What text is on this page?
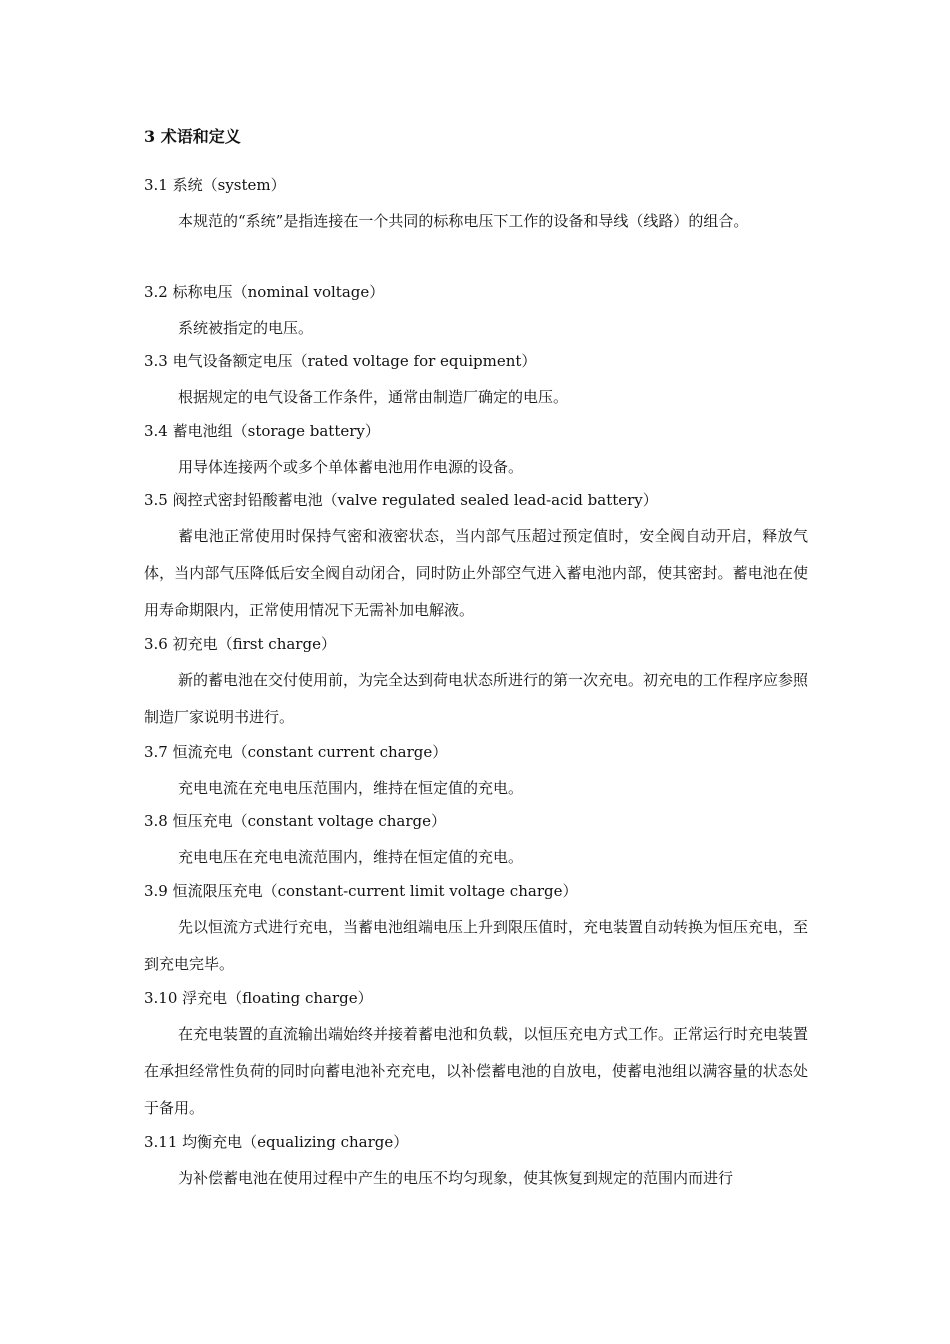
3 术语和定义
3.1 系统（system）
本规范的“系统”是指连接在一个共同的标称电压下工作的设备和导线（线路）的组合。
3.2 标称电压（nominal voltage）
系统被指定的电压。
3.3 电气设备额定电压（rated voltage for equipment）
根据规定的电气设备工作条件，通常由制造厂确定的电压。
3.4 蓄电池组（storage battery）
用导体连接两个或多个单体蓄电池用作电源的设备。
3.5 阀控式密封铅酸蓄电池（valve regulated sealed lead-acid battery）
蓄电池正常使用时保持气密和液密状态，当内部气压超过预定值时，安全阀自动开启，释放气体，当内部气压降低后安全阀自动闭合，同时防止外部空气进入蓄电池内部，使其密封。蓄电池在使用寿命期限内，正常使用情况下无需补加电解液。
3.6 初充电（first charge）
新的蓄电池在交付使用前，为完全达到荷电状态所进行的第一次充电。初充电的工作程序应参照制造厂家说明书进行。
3.7 恒流充电（constant current charge）
充电电流在充电电压范围内，维持在恒定值的充电。
3.8 恒压充电（constant voltage charge）
充电电压在充电电流范围内，维持在恒定值的充电。
3.9 恒流限压充电（constant-current limit voltage charge）
先以恒流方式进行充电，当蓄电池组端电压上升到限压值时，充电装置自动转换为恒压充电，至到充电完毕。
3.10 浮充电（floating charge）
在充电装置的直流输出端始终并接着蓄电池和负载，以恒压充电方式工作。正常运行时充电装置在承担经常性负荷的同时向蓄电池补充充电，以补偿蓄电池的自放电，使蓄电池组以满容量的状态处于备用。
3.11 均衡充电（equalizing charge）
为补偿蓄电池在使用过程中产生的电压不均匀现象，使其恢复到规定的范围内而进行
